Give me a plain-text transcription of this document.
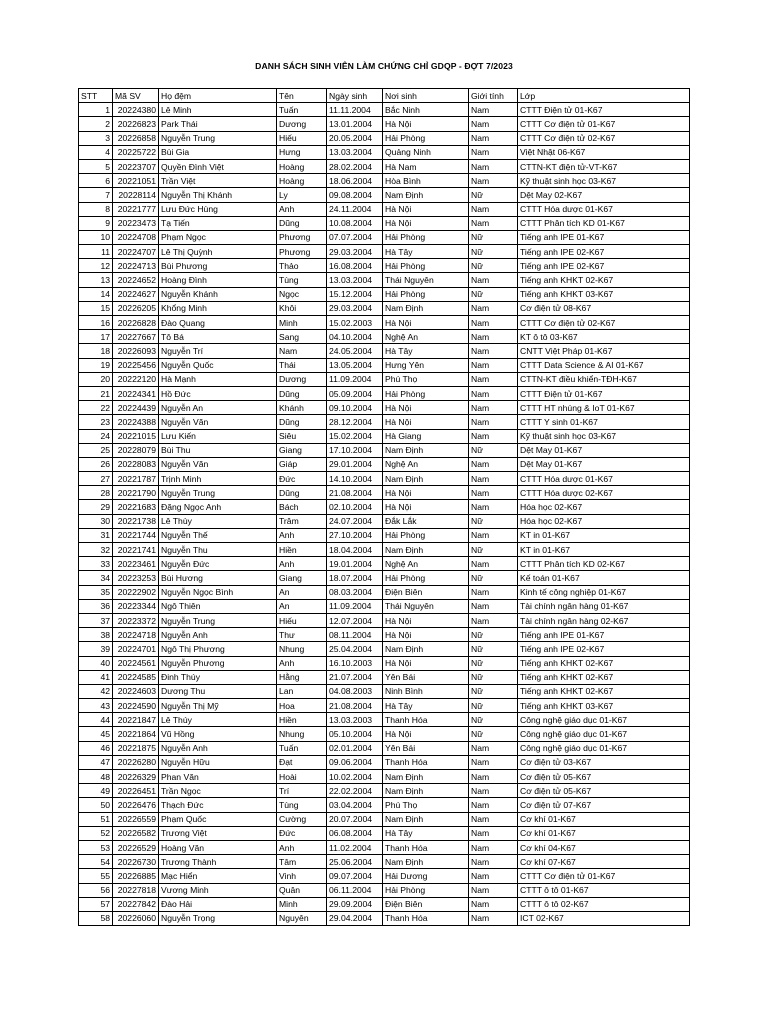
DANH SÁCH SINH VIÊN LÀM CHỨNG CHỈ GDQP - ĐỢT 7/2023
STT	Mã SV	Họ đệm	Tên	Ngày sinh	Nơi sinh	Giới tính	Lớp
1	20224380	Lê Minh	Tuấn	11.11.2004	Bắc Ninh	Nam	CTTT Điện tử 01-K67
2	20226823	Park Thái	Dương	13.01.2004	Hà Nội	Nam	CTTT Cơ điện tử 01-K67
3	20226858	Nguyễn Trung	Hiếu	20.05.2004	Hải Phòng	Nam	CTTT Cơ điện tử 02-K67
4	20225722	Bùi Gia	Hưng	13.03.2004	Quảng Ninh	Nam	Việt Nhật 06-K67
5	20223707	Quyền Đình Việt	Hoàng	28.02.2004	Hà Nam	Nam	CTTN-KT điện tử-VT-K67
6	20221051	Trần Việt	Hoàng	18.06.2004	Hòa Bình	Nam	Kỹ thuật sinh học 03-K67
7	20228114	Nguyễn Thị Khánh	Ly	09.08.2004	Nam Định	Nữ	Dệt May 02-K67
8	20221777	Lưu Đức Hùng	Anh	24.11.2004	Hà Nội	Nam	CTTT Hóa dược 01-K67
9	20223473	Tạ Tiến	Dũng	10.08.2004	Hà Nội	Nam	CTTT Phân tích KD 01-K67
10	20224708	Phạm Ngọc	Phương	07.07.2004	Hải Phòng	Nữ	Tiếng anh IPE 01-K67
11	20224707	Lê Thị Quỳnh	Phương	29.03.2004	Hà Tây	Nữ	Tiếng anh IPE 02-K67
12	20224713	Bùi Phương	Thảo	16.08.2004	Hải Phòng	Nữ	Tiếng anh IPE 02-K67
13	20224652	Hoàng Đình	Tùng	13.03.2004	Thái Nguyên	Nam	Tiếng anh KHKT 02-K67
14	20224627	Nguyễn Khánh	Ngọc	15.12.2004	Hải Phòng	Nữ	Tiếng anh KHKT 03-K67
15	20226205	Khổng Minh	Khôi	29.03.2004	Nam Định	Nam	Cơ điện tử 08-K67
16	20226828	Đào Quang	Minh	15.02.2003	Hà Nội	Nam	CTTT Cơ điện tử 02-K67
17	20227667	Tô Bá	Sang	04.10.2004	Nghệ An	Nam	KT ô tô 03-K67
18	20226093	Nguyễn Trí	Nam	24.05.2004	Hà Tây	Nam	CNTT Việt Pháp 01-K67
19	20225456	Nguyễn Quốc	Thái	13.05.2004	Hưng Yên	Nam	CTTT Data Science & AI 01-K67
20	20222120	Hà Mạnh	Dương	11.09.2004	Phú Thọ	Nam	CTTN-KT điều khiển-TĐH-K67
21	20224341	Hồ Đức	Dũng	05.09.2004	Hải Phòng	Nam	CTTT Điện tử 01-K67
22	20224439	Nguyễn An	Khánh	09.10.2004	Hà Nội	Nam	CTTT HT nhúng & IoT 01-K67
23	20224388	Nguyễn Văn	Dũng	28.12.2004	Hà Nội	Nam	CTTT Y sinh 01-K67
24	20221015	Lưu Kiến	Siêu	15.02.2004	Hà Giang	Nam	Kỹ thuật sinh học 03-K67
25	20228079	Bùi Thu	Giang	17.10.2004	Nam Định	Nữ	Dệt May 01-K67
26	20228083	Nguyễn Văn	Giáp	29.01.2004	Nghệ An	Nam	Dệt May 01-K67
27	20221787	Trịnh Minh	Đức	14.10.2004	Nam Định	Nam	CTTT Hóa dược 01-K67
28	20221790	Nguyễn Trung	Dũng	21.08.2004	Hà Nội	Nam	CTTT Hóa dược 02-K67
29	20221683	Đặng Ngọc Anh	Bách	02.10.2004	Hà Nội	Nam	Hóa học 02-K67
30	20221738	Lê Thùy	Trâm	24.07.2004	Đắk Lắk	Nữ	Hóa học 02-K67
31	20221744	Nguyễn Thế	Anh	27.10.2004	Hải Phòng	Nam	KT in 01-K67
32	20221741	Nguyễn Thu	Hiền	18.04.2004	Nam Định	Nữ	KT in 01-K67
33	20223461	Nguyễn Đức	Anh	19.01.2004	Nghệ An	Nam	CTTT Phân tích KD 02-K67
34	20223253	Bùi Hương	Giang	18.07.2004	Hải Phòng	Nữ	Kế toán 01-K67
35	20222902	Nguyễn Ngọc Bình	An	08.03.2004	Điện Biên	Nam	Kinh tế công nghiệp 01-K67
36	20223344	Ngô Thiên	An	11.09.2004	Thái Nguyên	Nam	Tài chính ngân hàng 01-K67
37	20223372	Nguyễn Trung	Hiếu	12.07.2004	Hà Nội	Nam	Tài chính ngân hàng 02-K67
38	20224718	Nguyễn Anh	Thư	08.11.2004	Hà Nội	Nữ	Tiếng anh IPE 01-K67
39	20224701	Ngô Thị Phương	Nhung	25.04.2004	Nam Định	Nữ	Tiếng anh IPE 02-K67
40	20224561	Nguyễn Phương	Anh	16.10.2003	Hà Nội	Nữ	Tiếng anh KHKT 02-K67
41	20224585	Đinh Thúy	Hằng	21.07.2004	Yên Bái	Nữ	Tiếng anh KHKT 02-K67
42	20224603	Dương Thu	Lan	04.08.2003	Ninh Bình	Nữ	Tiếng anh KHKT 02-K67
43	20224590	Nguyễn Thị Mỹ	Hoa	21.08.2004	Hà Tây	Nữ	Tiếng anh KHKT 03-K67
44	20221847	Lê Thúy	Hiền	13.03.2003	Thanh Hóa	Nữ	Công nghệ giáo dục 01-K67
45	20221864	Vũ Hồng	Nhung	05.10.2004	Hà Nội	Nữ	Công nghệ giáo dục 01-K67
46	20221875	Nguyễn Anh	Tuấn	02.01.2004	Yên Bái	Nam	Công nghệ giáo dục 01-K67
47	20226280	Nguyễn Hữu	Đạt	09.06.2004	Thanh Hóa	Nam	Cơ điện tử 03-K67
48	20226329	Phan Văn	Hoài	10.02.2004	Nam Định	Nam	Cơ điện tử 05-K67
49	20226451	Trần Ngọc	Trí	22.02.2004	Nam Định	Nam	Cơ điện tử 05-K67
50	20226476	Thạch Đức	Tùng	03.04.2004	Phú Thọ	Nam	Cơ điện tử 07-K67
51	20226559	Phạm Quốc	Cường	20.07.2004	Nam Định	Nam	Cơ khí 01-K67
52	20226582	Trương Việt	Đức	06.08.2004	Hà Tây	Nam	Cơ khí 01-K67
53	20226529	Hoàng Văn	Anh	11.02.2004	Thanh Hóa	Nam	Cơ khí 04-K67
54	20226730	Trương Thành	Tâm	25.06.2004	Nam Định	Nam	Cơ khí 07-K67
55	20226885	Mạc Hiển	Vinh	09.07.2004	Hải Dương	Nam	CTTT Cơ điện tử 01-K67
56	20227818	Vương Minh	Quân	06.11.2004	Hải Phòng	Nam	CTTT ô tô 01-K67
57	20227842	Đào Hải	Minh	29.09.2004	Điện Biên	Nam	CTTT ô tô 02-K67
58	20226060	Nguyễn Trọng	Nguyên	29.04.2004	Thanh Hóa	Nam	ICT 02-K67
